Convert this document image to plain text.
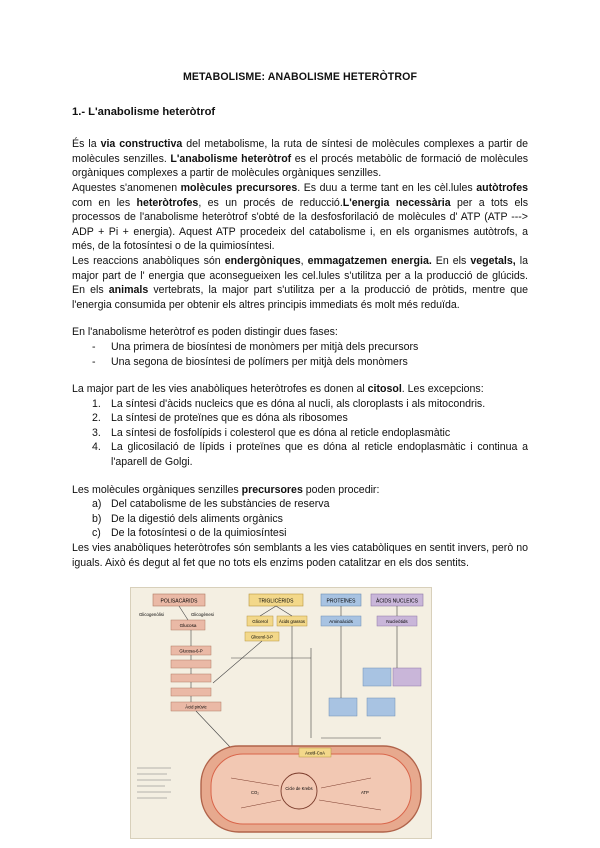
METABOLISME: ANABOLISME HETERÒTROF
1.- L'anabolisme heteròtrof

És la via constructiva del metabolisme, la ruta de síntesi de molècules complexes a partir de molècules senzilles. L'anabolisme heteròtrof es el procés metabòlic de formació de molècules orgàniques complexes a partir de molècules orgàniques senzilles.

Aquestes s'anomenen molècules precursores. Es duu a terme tant en les cèl.lules autòtrofes com en les heteròtrofes, es un procés de reducció.L'energia necessària per a tots els processos de l'anabolisme heteròtrof s'obté de la desfosforilació de molècules d' ATP (ATP ---> ADP + Pi + energia). Aquest ATP procedeix del catabolisme i, en els organismes autòtrofs, a més, de la fotosíntesi o de la quimiosíntesi.

Les reaccions anabòliques són endergòniques, emmagatzemen energia. En els vegetals, la major part de l' energia que aconsegueixen les cel.lules s'utilitza per a la producció de glúcids. En els animals vertebrats, la major part s'utilitza per a la producció de pròtids, mentre que l'energia consumida per obtenir els altres principis immediats és molt més reduïda.

En l'anabolisme heteròtrof es poden distingir dues fases:

- Una primera de biosíntesi de monòmers per mitjà dels precursors
- Una segona de biosíntesi de polímers per mitjà dels monòmers

La major part de les vies anabòliques heteròtrofes es donen al citosol. Les excepcions:

1. La síntesi d'àcids nucleics que es dóna al nucli, als cloroplasts i als mitocondris.
2. La síntesi de proteïnes que es dóna als ribosomes
3. La síntesi de fosfolípids i colesterol que es dóna al reticle endoplasmàtic
4. La glicosilació de lípids i proteïnes que es dóna al reticle endoplasmàtic i continua a l'aparell de Golgi.

Les molècules orgàniques senzilles precursores poden procedir:

a) Del catabolisme de les substàncies de reserva
b) De la digestió dels aliments orgànics
c) De la fotosíntesi o de la quimiosíntesi

Les vies anabòliques heteròtrofes són semblants a les vies catabòliques en sentit invers, però no iguals. Això és degut al fet que no tots els enzims poden catalitzar en els dos sentits.

POLISACÀRIDS	TRIGLICÈRIDS	PROTEÏNES	ÀCIDS NUCLEICS
Glicogenòlisi	Glicogènesi
Glucosa
Glicerol	Àcids grassos	Aminoàcids	Nucleòtids
Glicerol-3-P
Glucosa-6-P
Àcid pirúvic
Acetil-CoA
Cicle de Krebs
CO₂	ATP
